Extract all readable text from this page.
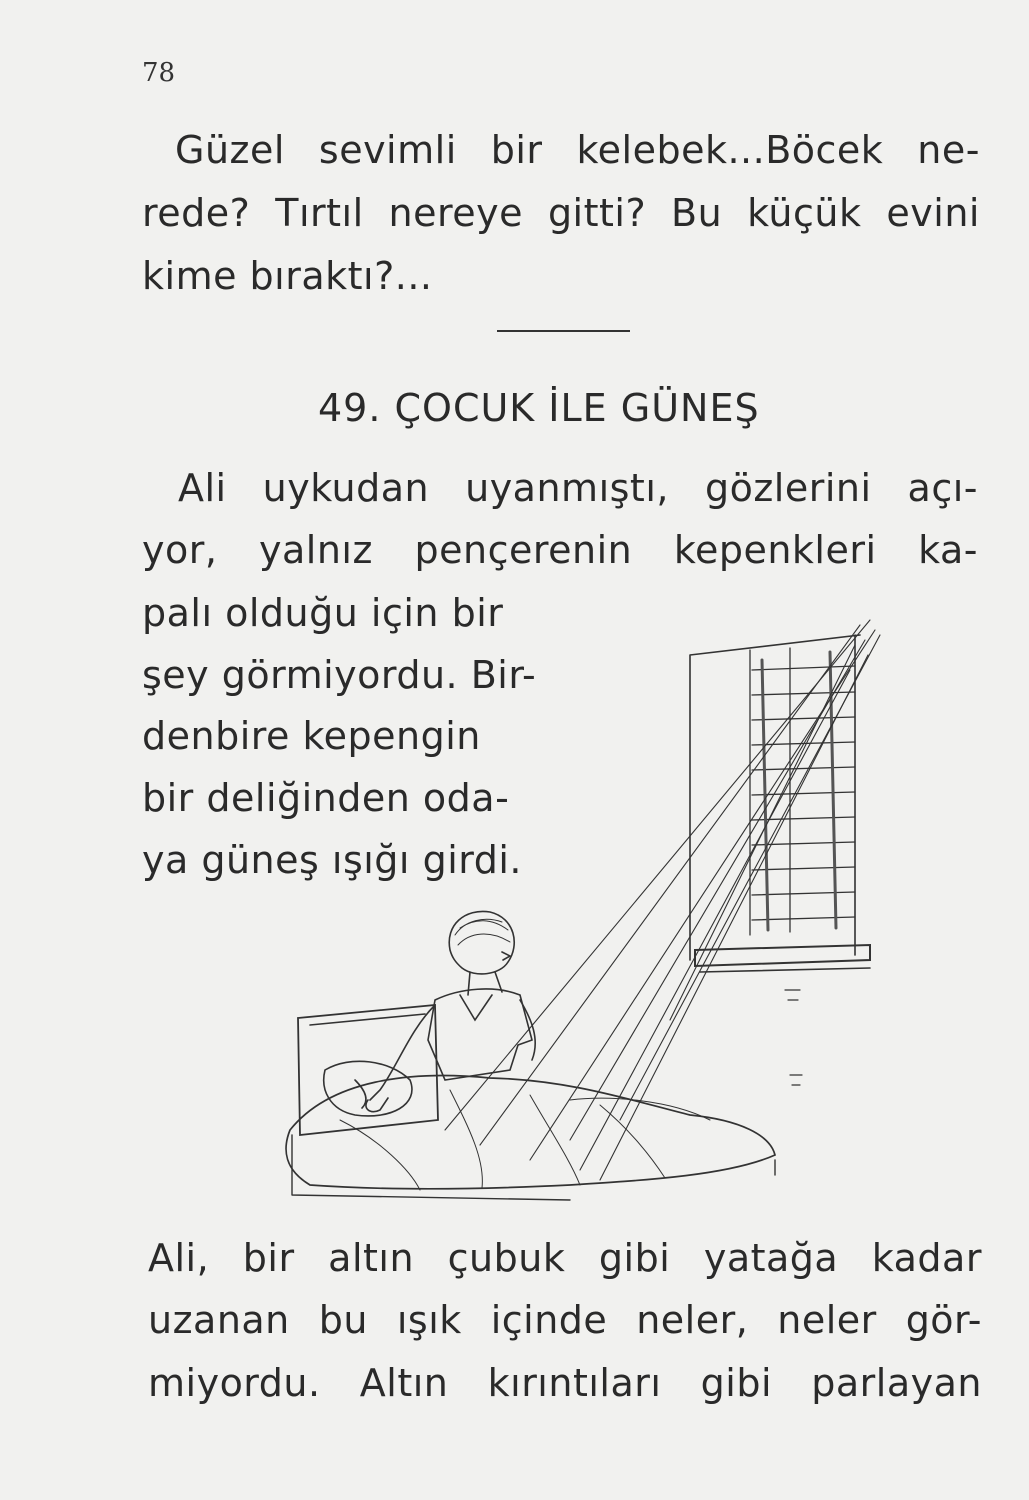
78
Güzel sevimli bir kelebek...Böcek ne-
rede? Tırtıl nereye gitti? Bu küçük evini
kime bıraktı?...
49. ÇOCUK İLE GÜNEŞ
Ali uykudan uyanmıştı, gözlerini açı-
yor, yalnız pençerenin kepenkleri ka-
palı olduğu için bir
şey görmiyordu. Bir-
denbire kepengin
bir deliğinden oda-
ya güneş ışığı girdi.
Ali, bir altın çubuk gibi yatağa kadar
uzanan bu ışık içinde neler, neler gör-
miyordu. Altın kırıntıları gibi parlayan
